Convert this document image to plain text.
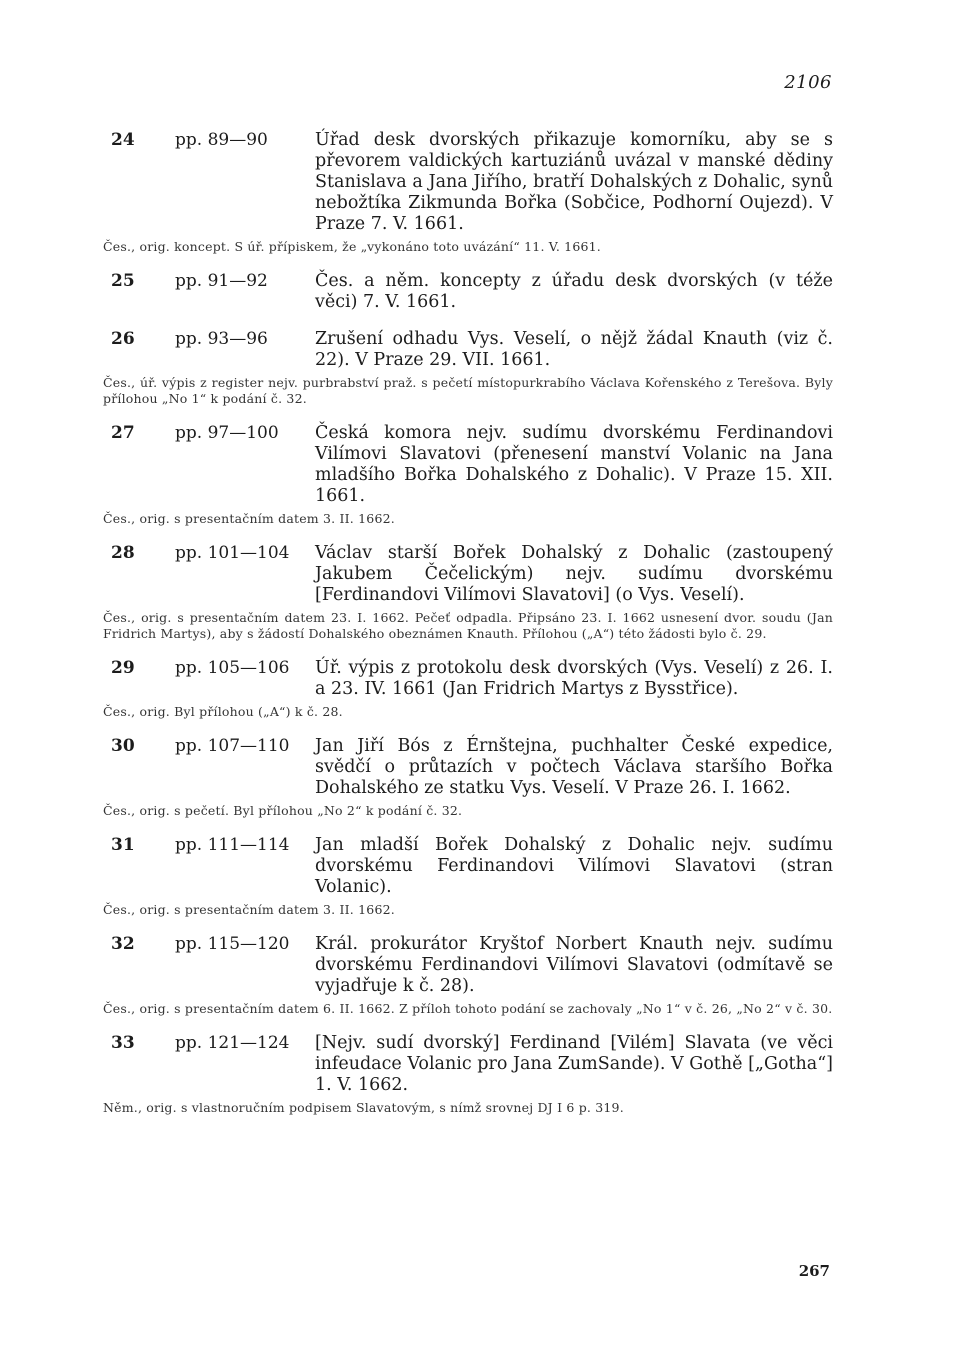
2106
24	pp. 89—90	Úřad desk dvorských přikazuje komorníku, aby se s převorem valdických kartuziánů uvázal v manské dědiny Stanislava a Jana Jiřího, bratří Dohalských z Dohalic, synů nebožtíka Zikmunda Bořka (Sobčice, Podhorní Oujezd). V Praze 7. V. 1661.
Čes., orig. koncept. S úř. přípiskem, že „vykonáno toto uvázání“ 11. V. 1661.
25	pp. 91—92	Čes. a něm. koncepty z úřadu desk dvorských (v téže věci) 7. V. 1661.
26	pp. 93—96	Zrušení odhadu Vys. Veselí, o nějž žádal Knauth (viz č. 22). V Praze 29. VII. 1661.
Čes., úř. výpis z register nejv. purbrabství praž. s pečetí místopurkrabího Václava Kořenského z Terešova. Byly přílohou „No 1“ k podání č. 32.
27	pp. 97—100	Česká komora nejv. sudímu dvorskému Ferdinandovi Vilímovi Slavatovi (přenesení manství Volanic na Jana mladšího Bořka Dohalského z Dohalic). V Praze 15. XII. 1661.
Čes., orig. s presentačním datem 3. II. 1662.
28	pp. 101—104	Václav starší Bořek Dohalský z Dohalic (zastoupený Jakubem Čečelickým) nejv. sudímu dvorskému [Ferdinandovi Vilímovi Slavatovi] (o Vys. Veselí).
Čes., orig. s presentačním datem 23. I. 1662. Pečeť odpadla. Připsáno 23. I. 1662 usnesení dvor. soudu (Jan Fridrich Martys), aby s žádostí Dohalského obeznámen Knauth. Přílohou („A“) této žádosti bylo č. 29.
29	pp. 105—106	Úř. výpis z protokolu desk dvorských (Vys. Veselí) z 26. I. a 23. IV. 1661 (Jan Fridrich Martys z Bysstřice).
Čes., orig. Byl přílohou („A“) k č. 28.
30	pp. 107—110	Jan Jiří Bós z Érnštejna, puchhalter České expedice, svědčí o průtazích v počtech Václava staršího Bořka Dohalského ze statku Vys. Veselí. V Praze 26. I. 1662.
Čes., orig. s pečetí. Byl přílohou „No 2“ k podání č. 32.
31	pp. 111—114	Jan mladší Bořek Dohalský z Dohalic nejv. sudímu dvorskému Ferdinandovi Vilímovi Slavatovi (stran Volanic).
Čes., orig. s presentačním datem 3. II. 1662.
32	pp. 115—120	Král. prokurátor Kryštof Norbert Knauth nejv. sudímu dvorskému Ferdinandovi Vilímovi Slavatovi (odmítavě se vyjadřuje k č. 28).
Čes., orig. s presentačním datem 6. II. 1662. Z příloh tohoto podání se zachovaly „No 1“ v č. 26, „No 2“ v č. 30.
33	pp. 121—124	[Nejv. sudí dvorský] Ferdinand [Vilém] Slavata (ve věci infeudace Volanic pro Jana ZumSande). V Gothě [„Gotha“] 1. V. 1662.
Něm., orig. s vlastnoručním podpisem Slavatovým, s nímž srovnej DJ I 6 p. 319.
267
